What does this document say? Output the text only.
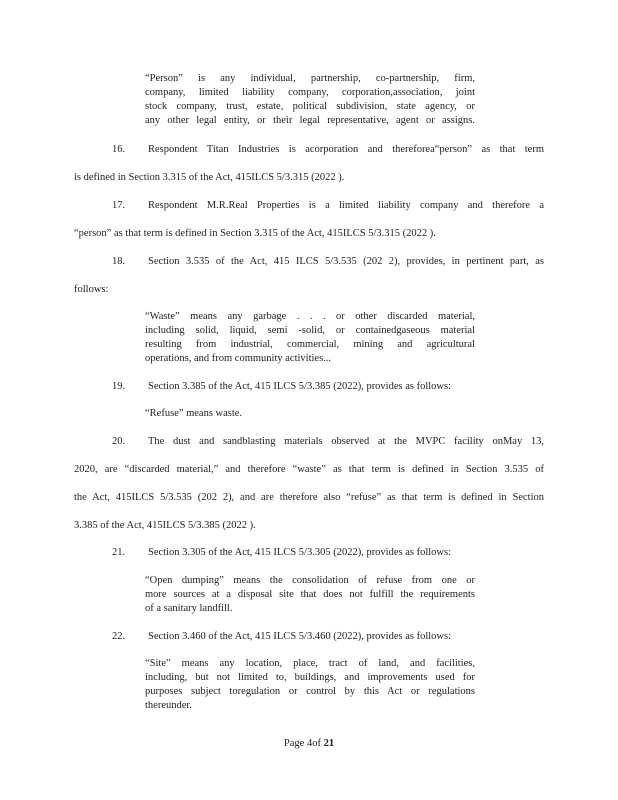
“Person” is any individual, partnership, co-partnership, firm,
company, limited liability company, corporation,association, joint
stock company, trust, estate, political subdivision, state agency, or
any other legal entity, or their legal representative, agent or assigns.
16. Respondent Titan Industries is acorporation and thereforea“person” as that term
is defined in Section 3.315 of the Act, 415ILCS 5/3.315 (2022 ).
17. Respondent M.R.Real Properties is a limited liability company and therefore a
“person” as that term is defined in Section 3.315 of the Act, 415ILCS 5/3.315 (2022 ).
18. Section 3.535 of the Act, 415 ILCS 5/3.535 (202 2), provides, in pertinent part, as
follows:
“Waste” means any garbage . . . or other discarded material,
including solid, liquid, semi -solid, or containedgaseous material
resulting from industrial, commercial, mining and agricultural
operations, and from community activities...
19. Section 3.385 of the Act, 415 ILCS 5/3.385 (2022), provides as follows:
“Refuse” means waste.
20. The dust and sandblasting materials observed at the MVPC facility onMay 13,
2020, are “discarded material,” and therefore “waste” as that term is defined in Section 3.535 of
the Act, 415ILCS 5/3.535 (202 2), and are therefore also “refuse” as that term is defined in Section
3.385 of the Act, 415ILCS 5/3.385 (2022 ).
21. Section 3.305 of the Act, 415 ILCS 5/3.305 (2022), provides as follows:
“Open dumping” means the consolidation of refuse from one or
more sources at a disposal site that does not fulfill the requirements
of a sanitary landfill.
22. Section 3.460 of the Act, 415 ILCS 5/3.460 (2022), provides as follows:
“Site” means any location, place, tract of land, and facilities,
including, but not limited to, buildings, and improvements used for
purposes subject toregulation or control by this Act or regulations
thereunder.
Page 4of 21
